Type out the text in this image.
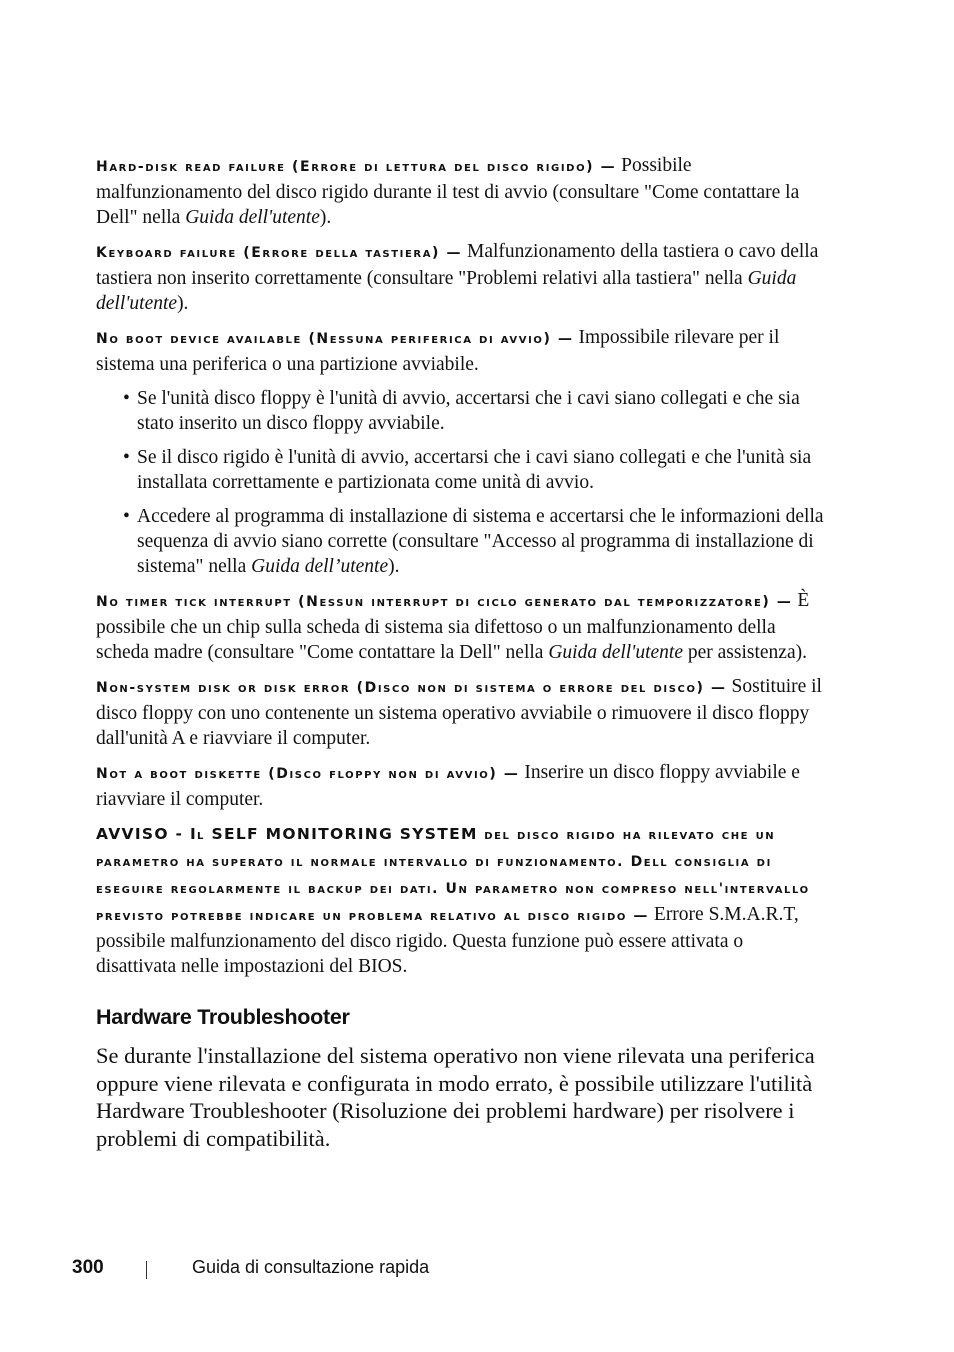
Hard-disk read failure (Errore di lettura del disco rigido) — Possibile malfunzionamento del disco rigido durante il test di avvio (consultare "Come contattare la Dell" nella Guida dell'utente).

Keyboard failure (Errore della tastiera) — Malfunzionamento della tastiera o cavo della tastiera non inserito correttamente (consultare "Problemi relativi alla tastiera" nella Guida dell'utente).

No boot device available (Nessuna periferica di avvio) — Impossibile rilevare per il sistema una periferica o una partizione avviabile.

• Se l'unità disco floppy è l'unità di avvio, accertarsi che i cavi siano collegati e che sia stato inserito un disco floppy avviabile.
• Se il disco rigido è l'unità di avvio, accertarsi che i cavi siano collegati e che l'unità sia installata correttamente e partizionata come unità di avvio.
• Accedere al programma di installazione di sistema e accertarsi che le informazioni della sequenza di avvio siano corrette (consultare "Accesso al programma di installazione di sistema" nella Guida dell’utente).

No timer tick interrupt (Nessun interrupt di ciclo generato dal temporizzatore) — È possibile che un chip sulla scheda di sistema sia difettoso o un malfunzionamento della scheda madre (consultare "Come contattare la Dell" nella Guida dell'utente per assistenza).

Non-system disk or disk error (Disco non di sistema o errore del disco) — Sostituire il disco floppy con uno contenente un sistema operativo avviabile o rimuovere il disco floppy dall'unità A e riavviare il computer.

Not a boot diskette (Disco floppy non di avvio) — Inserire un disco floppy avviabile e riavviare il computer.

AVVISO - Il SELF MONITORING SYSTEM del disco rigido ha rilevato che un parametro ha superato il normale intervallo di funzionamento. Dell consiglia di eseguire regolarmente il backup dei dati. Un parametro non compreso nell'intervallo previsto potrebbe indicare un problema relativo al disco rigido — Errore S.M.A.R.T, possibile malfunzionamento del disco rigido. Questa funzione può essere attivata o disattivata nelle impostazioni del BIOS.

Hardware Troubleshooter

Se durante l'installazione del sistema operativo non viene rilevata una periferica oppure viene rilevata e configurata in modo errato, è possibile utilizzare l'utilità Hardware Troubleshooter (Risoluzione dei problemi hardware) per risolvere i problemi di compatibilità.

300	Guida di consultazione rapida
